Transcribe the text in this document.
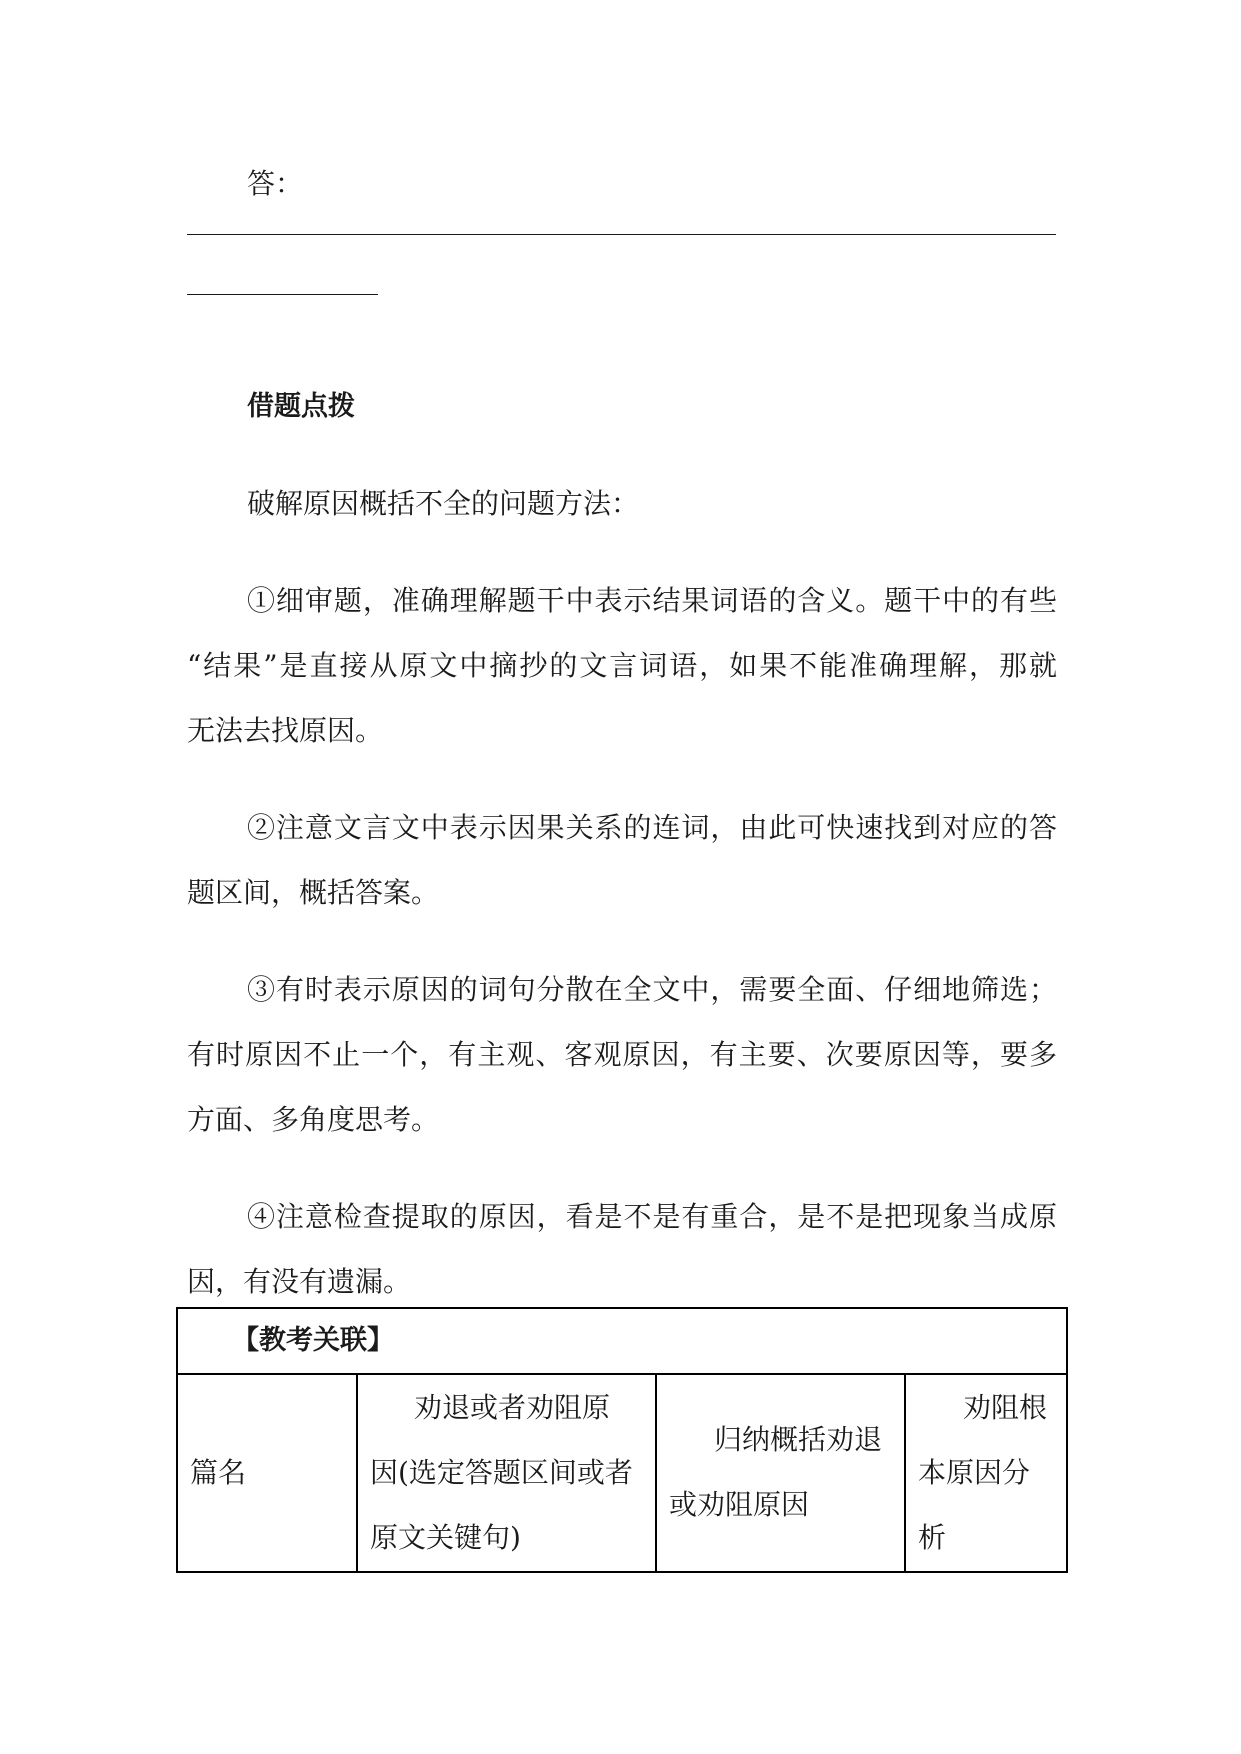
答：
借题点拨
破解原因概括不全的问题方法：
①细审题，准确理解题干中表示结果词语的含义。题干中的有些
“结果”是直接从原文中摘抄的文言词语，如果不能准确理解，那就
无法去找原因。
②注意文言文中表示因果关系的连词，由此可快速找到对应的答
题区间，概括答案。
③有时表示原因的词句分散在全文中，需要全面、仔细地筛选；
有时原因不止一个，有主观、客观原因，有主要、次要原因等，要多
方面、多角度思考。
④注意检查提取的原因，看是不是有重合，是不是把现象当成原
因，有没有遗漏。
【教考关联】
篇名
劝退或者劝阻原
因(选定答题区间或者
原文关键句)
归纳概括劝退
或劝阻原因
劝阻根
本原因分
析
